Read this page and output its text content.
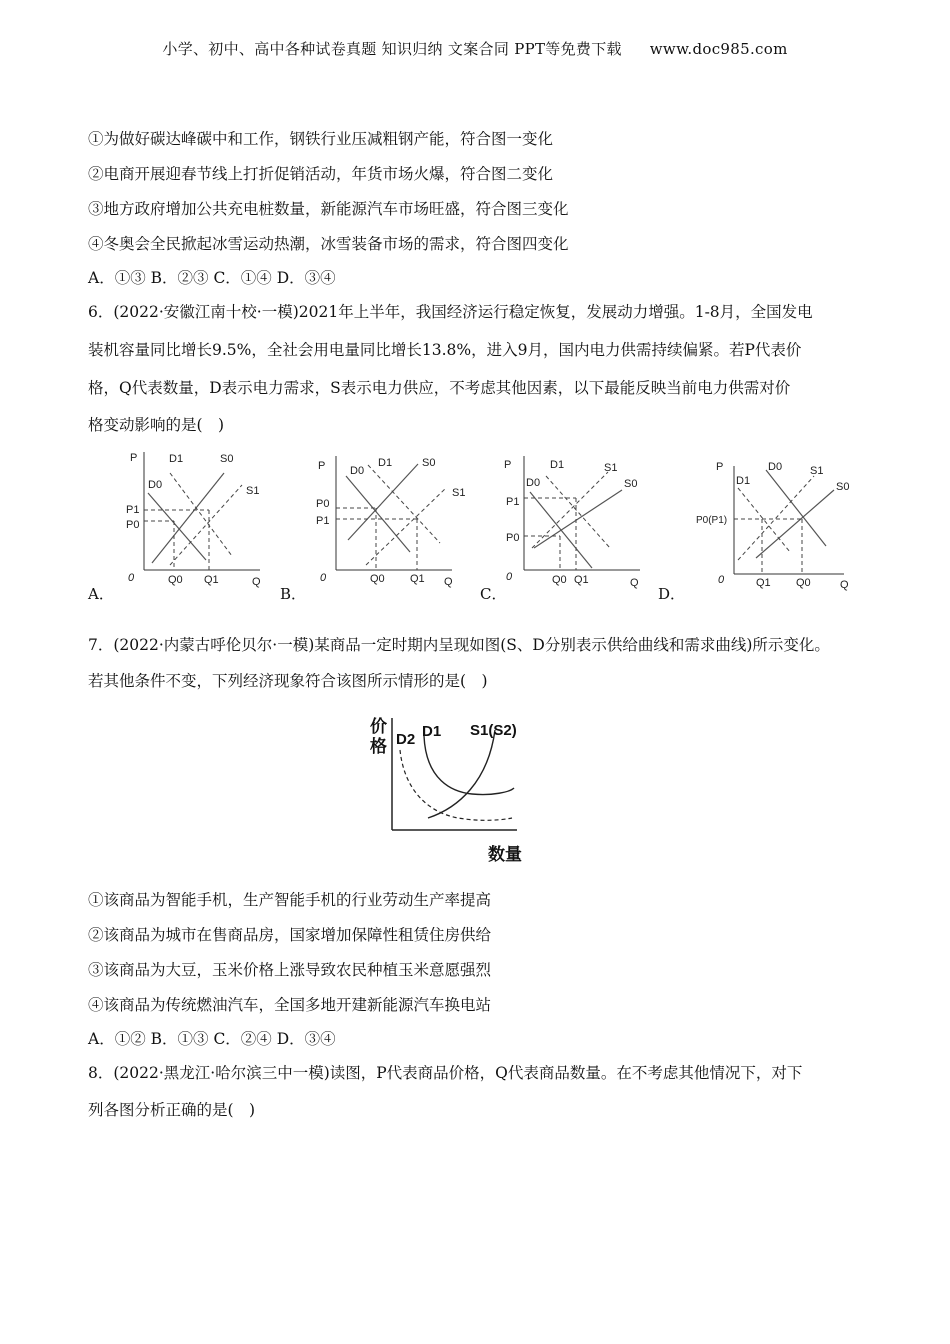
小学、初中、高中各种试卷真题 知识归纳 文案合同 PPT等免费下载 www.doc985.com
①为做好碳达峰碳中和工作，钢铁行业压减粗钢产能，符合图一变化
②电商开展迎春节线上打折促销活动，年货市场火爆，符合图二变化
③地方政府增加公共充电桩数量，新能源汽车市场旺盛，符合图三变化
④冬奥会全民掀起冰雪运动热潮，冰雪装备市场的需求，符合图四变化
A．①③ B．②③ C．①④ D．③④
6．(2022·安徽江南十校·一模)2021年上半年，我国经济运行稳定恢复，发展动力增强。1-8月，全国发电
装机容量同比增长9.5%，全社会用电量同比增长13.8%，进入9月，国内电力供需持续偏紧。若P代表价
格，Q代表数量，D表示电力需求，S表示电力供应，不考虑其他因素，以下最能反映当前电力供需对价
格变动影响的是(　)
A．	B．	C．	D．
P
Q
0
D0
D1	S0
S1
P1
P0
Q0 Q1
P
Q
0
D0
D1	S0
S1
P0
P1
Q0 Q1
P
Q
0
D0
D1	S1
S0
P1
P0
Q0 Q1
P
Q
0
D0
D1
S1
S0
P0(P1)
Q1 Q0
7．(2022·内蒙古呼伦贝尔·一模)某商品一定时期内呈现如图(S、D分别表示供给曲线和需求曲线)所示变化。
若其他条件不变，下列经济现象符合该图所示情形的是(　)
价
格 D2 D1 S1(S2)
数量
①该商品为智能手机，生产智能手机的行业劳动生产率提高
②该商品为城市在售商品房，国家增加保障性租赁住房供给
③该商品为大豆，玉米价格上涨导致农民种植玉米意愿强烈
④该商品为传统燃油汽车，全国多地开建新能源汽车换电站
A．①② B．①③ C．②④ D．③④
8．(2022·黑龙江·哈尔滨三中一模)读图，P代表商品价格，Q代表商品数量。在不考虑其他情况下，对下
列各图分析正确的是(　)
